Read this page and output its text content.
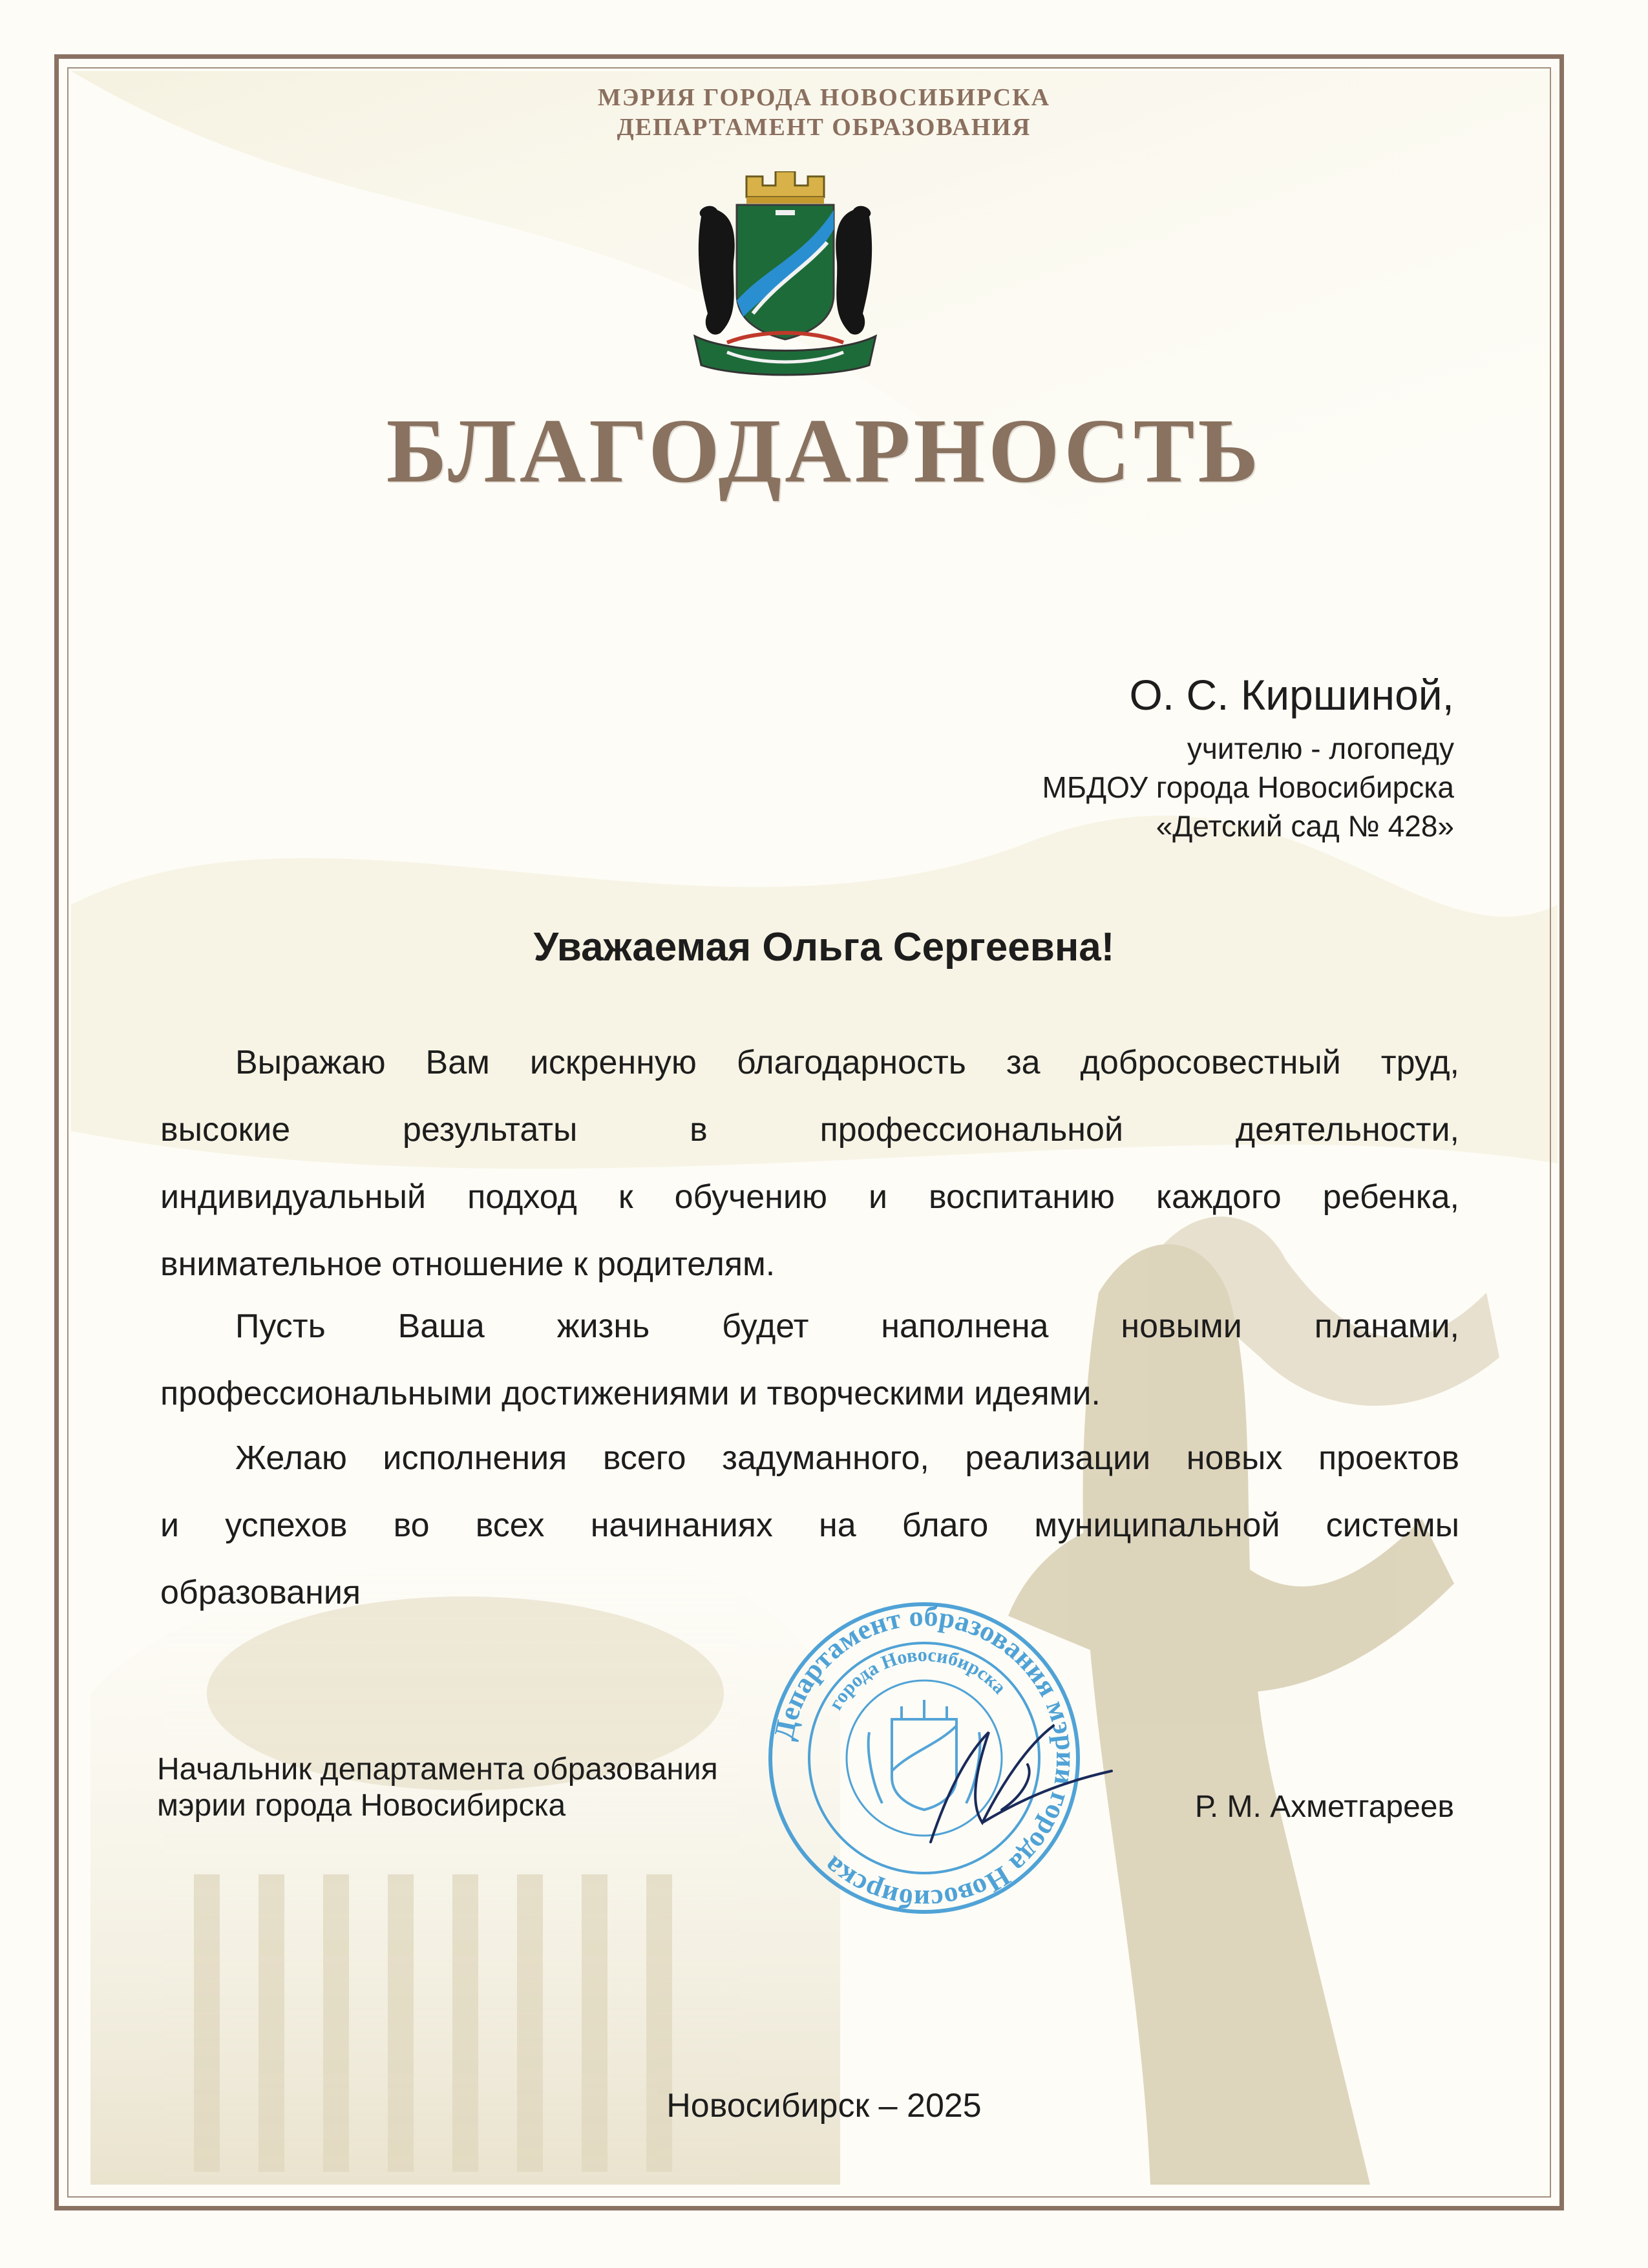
МЭРИЯ ГОРОДА НОВОСИБИРСКА
ДЕПАРТАМЕНТ ОБРАЗОВАНИЯ
БЛАГОДАРНОСТЬ
О. С. Киршиной,
учителю - логопеду
МБДОУ города Новосибирска
«Детский сад № 428»
Уважаемая Ольга Сергеевна!
Выражаю Вам искренную благодарность за добросовестный труд,
высокие результаты в профессиональной деятельности,
индивидуальный подход к обучению и воспитанию каждого ребенка,
внимательное отношение к родителям.
Пусть Ваша жизнь будет наполнена новыми планами,
профессиональными достижениями и творческими идеями.
Желаю исполнения всего задуманного, реализации новых проектов
и успехов во всех начинаниях на благо муниципальной системы
образования
Начальник департамента образования
мэрии города Новосибирска	Р. М. Ахметгареев
Департамент образования мэрии города Новосибирска
города Новосибирска
Новосибирск – 2025
